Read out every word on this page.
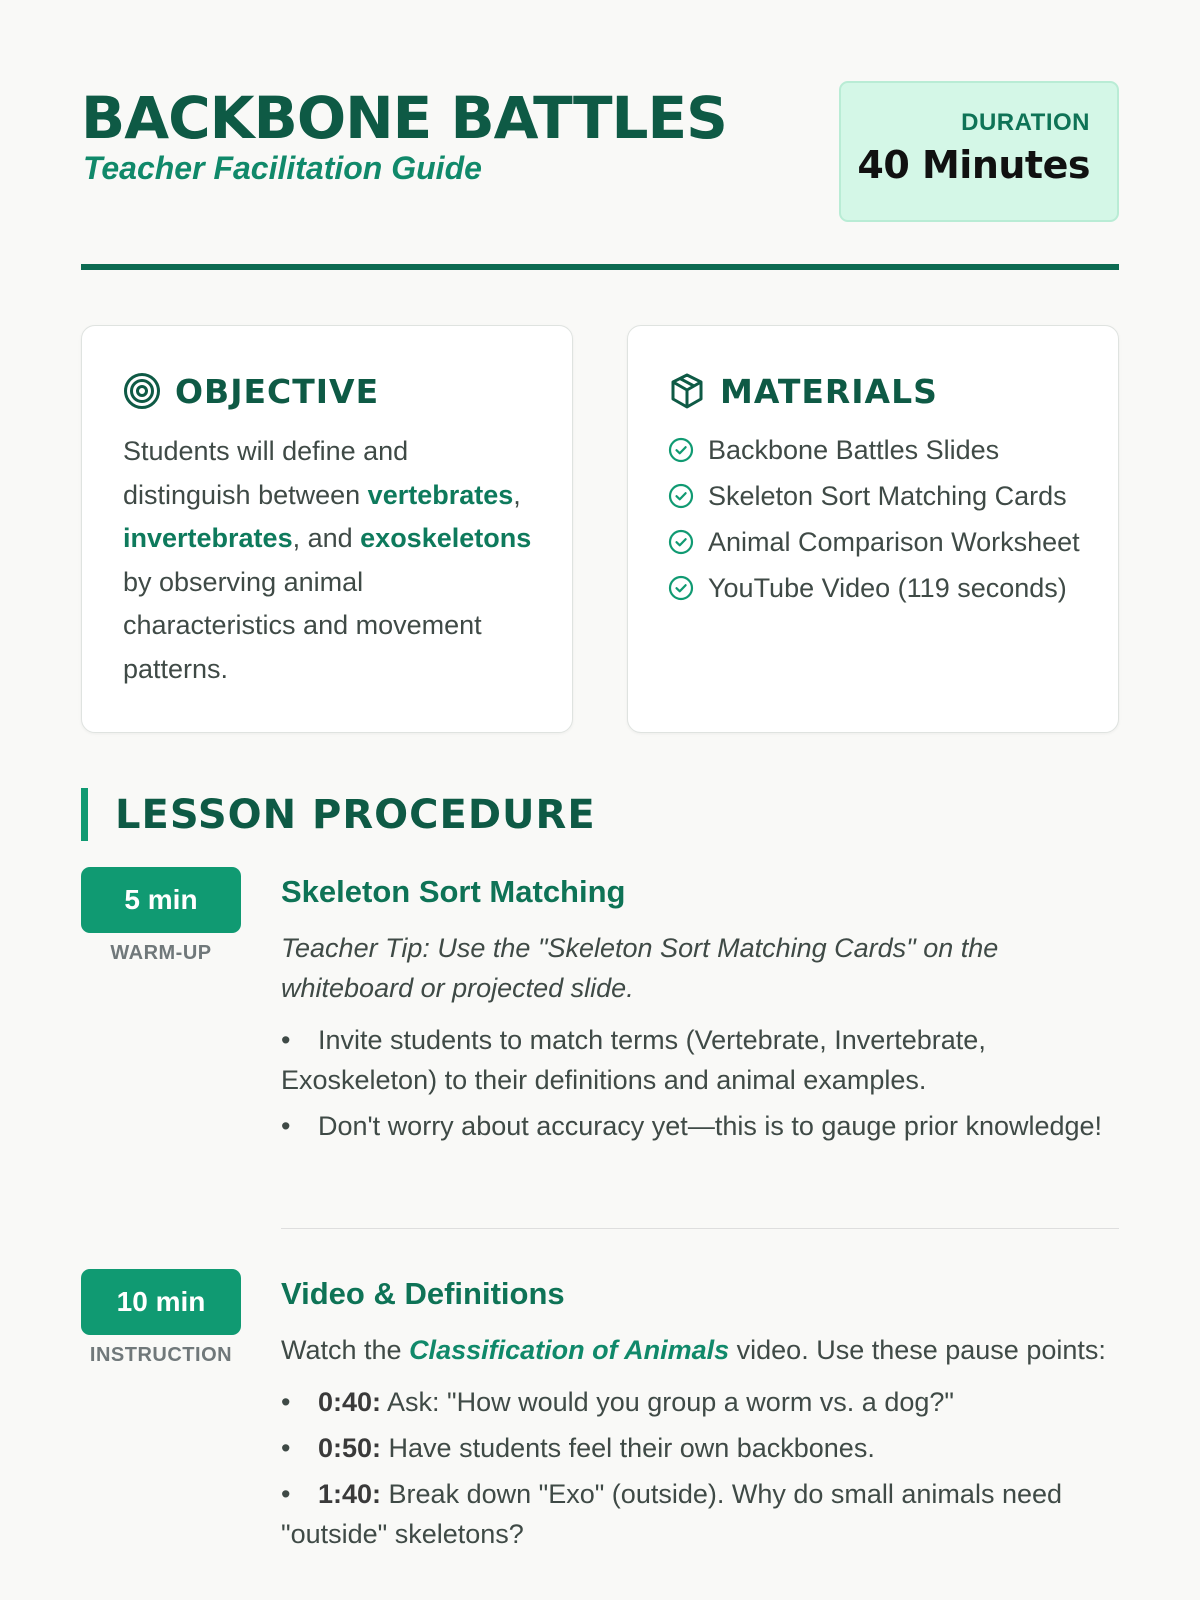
BACKBONE BATTLES
Teacher Facilitation Guide
DURATION
40 Minutes
OBJECTIVE
Students will define and distinguish between vertebrates, invertebrates, and exoskeletons by observing animal characteristics and movement patterns.
MATERIALS
Backbone Battles Slides
Skeleton Sort Matching Cards
Animal Comparison Worksheet
YouTube Video (119 seconds)
LESSON PROCEDURE
5 min
WARM-UP
Skeleton Sort Matching
Teacher Tip: Use the "Skeleton Sort Matching Cards" on the whiteboard or projected slide.
• Invite students to match terms (Vertebrate, Invertebrate, Exoskeleton) to their definitions and animal examples.
• Don't worry about accuracy yet—this is to gauge prior knowledge!
10 min
INSTRUCTION
Video & Definitions
Watch the Classification of Animals video. Use these pause points:
• 0:40: Ask: "How would you group a worm vs. a dog?"
• 0:50: Have students feel their own backbones.
• 1:40: Break down "Exo" (outside). Why do small animals need "outside" skeletons?
